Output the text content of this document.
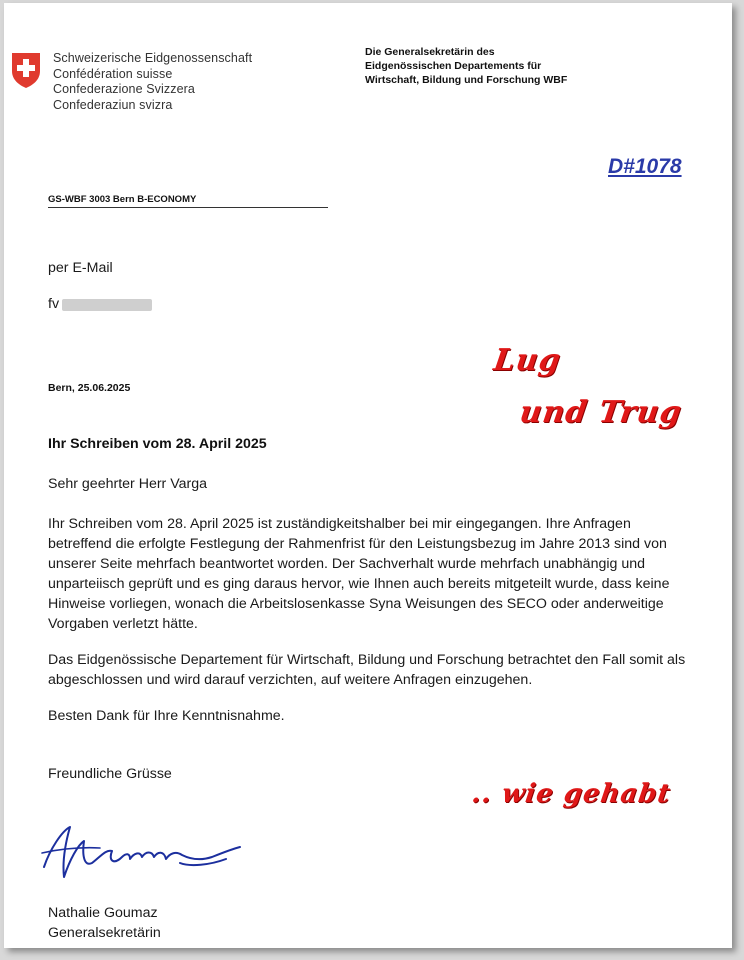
Schweizerische Eidgenossenschaft
Confédération suisse
Confederazione Svizzera
Confederaziun svizra
Die Generalsekretärin des
Eidgenössischen Departements für
Wirtschaft, Bildung und Forschung WBF
D#1078
GS-WBF 3003 Bern B-ECONOMY
per E-Mail
fv
Bern, 25.06.2025
Ihr Schreiben vom 28. April 2025
Sehr geehrter Herr Varga
Ihr Schreiben vom 28. April 2025 ist zuständigkeitshalber bei mir eingegangen. Ihre Anfragen
betreffend die erfolgte Festlegung der Rahmenfrist für den Leistungsbezug im Jahre 2013 sind von
unserer Seite mehrfach beantwortet worden. Der Sachverhalt wurde mehrfach unabhängig und
unparteiisch geprüft und es ging daraus hervor, wie Ihnen auch bereits mitgeteilt wurde, dass keine
Hinweise vorliegen, wonach die Arbeitslosenkasse Syna Weisungen des SECO oder anderweitige
Vorgaben verletzt hätte.
Das Eidgenössische Departement für Wirtschaft, Bildung und Forschung betrachtet den Fall somit als
abgeschlossen und wird darauf verzichten, auf weitere Anfragen einzugehen.
Besten Dank für Ihre Kenntnisnahme.
Freundliche Grüsse
Nathalie Goumaz
Generalsekretärin
Lug
und Trug
.. wie gehabt
